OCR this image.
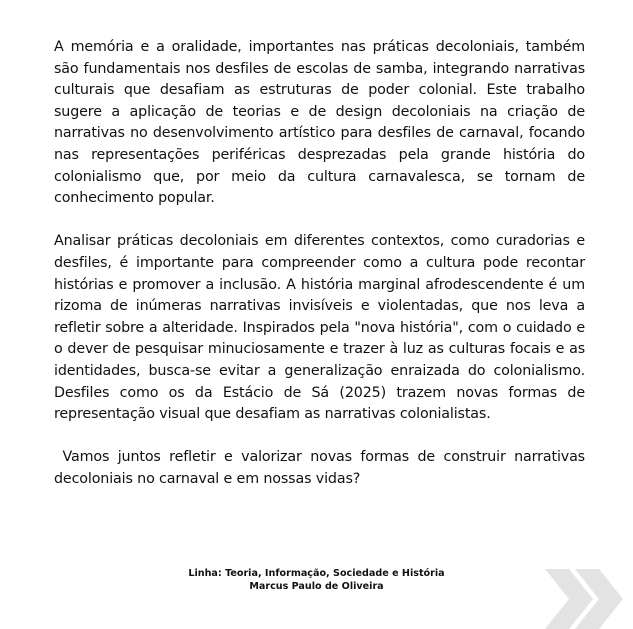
A memória e a oralidade, importantes nas práticas decoloniais, também são fundamentais nos desfiles de escolas de samba, integrando narrativas culturais que desafiam as estruturas de poder colonial. Este trabalho sugere a aplicação de teorias e de design decoloniais na criação de narrativas no desenvolvimento artístico para desfiles de carnaval, focando nas representações periféricas desprezadas pela grande história do colonialismo que, por meio da cultura carnavalesca, se tornam de conhecimento popular.

Analisar práticas decoloniais em diferentes contextos, como curadorias e desfiles, é importante para compreender como a cultura pode recontar histórias e promover a inclusão. A história marginal afrodescendente é um rizoma de inúmeras narrativas invisíveis e violentadas, que nos leva a refletir sobre a alteridade. Inspirados pela "nova história", com o cuidado e o dever de pesquisar minuciosamente e trazer à luz as culturas focais e as identidades, busca-se evitar a generalização enraizada do colonialismo. Desfiles como os da Estácio de Sá (2025) trazem novas formas de representação visual que desafiam as narrativas colonialistas.

Vamos juntos refletir e valorizar novas formas de construir narrativas decoloniais no carnaval e em nossas vidas?

Linha: Teoria, Informação, Sociedade e História
Marcus Paulo de Oliveira
